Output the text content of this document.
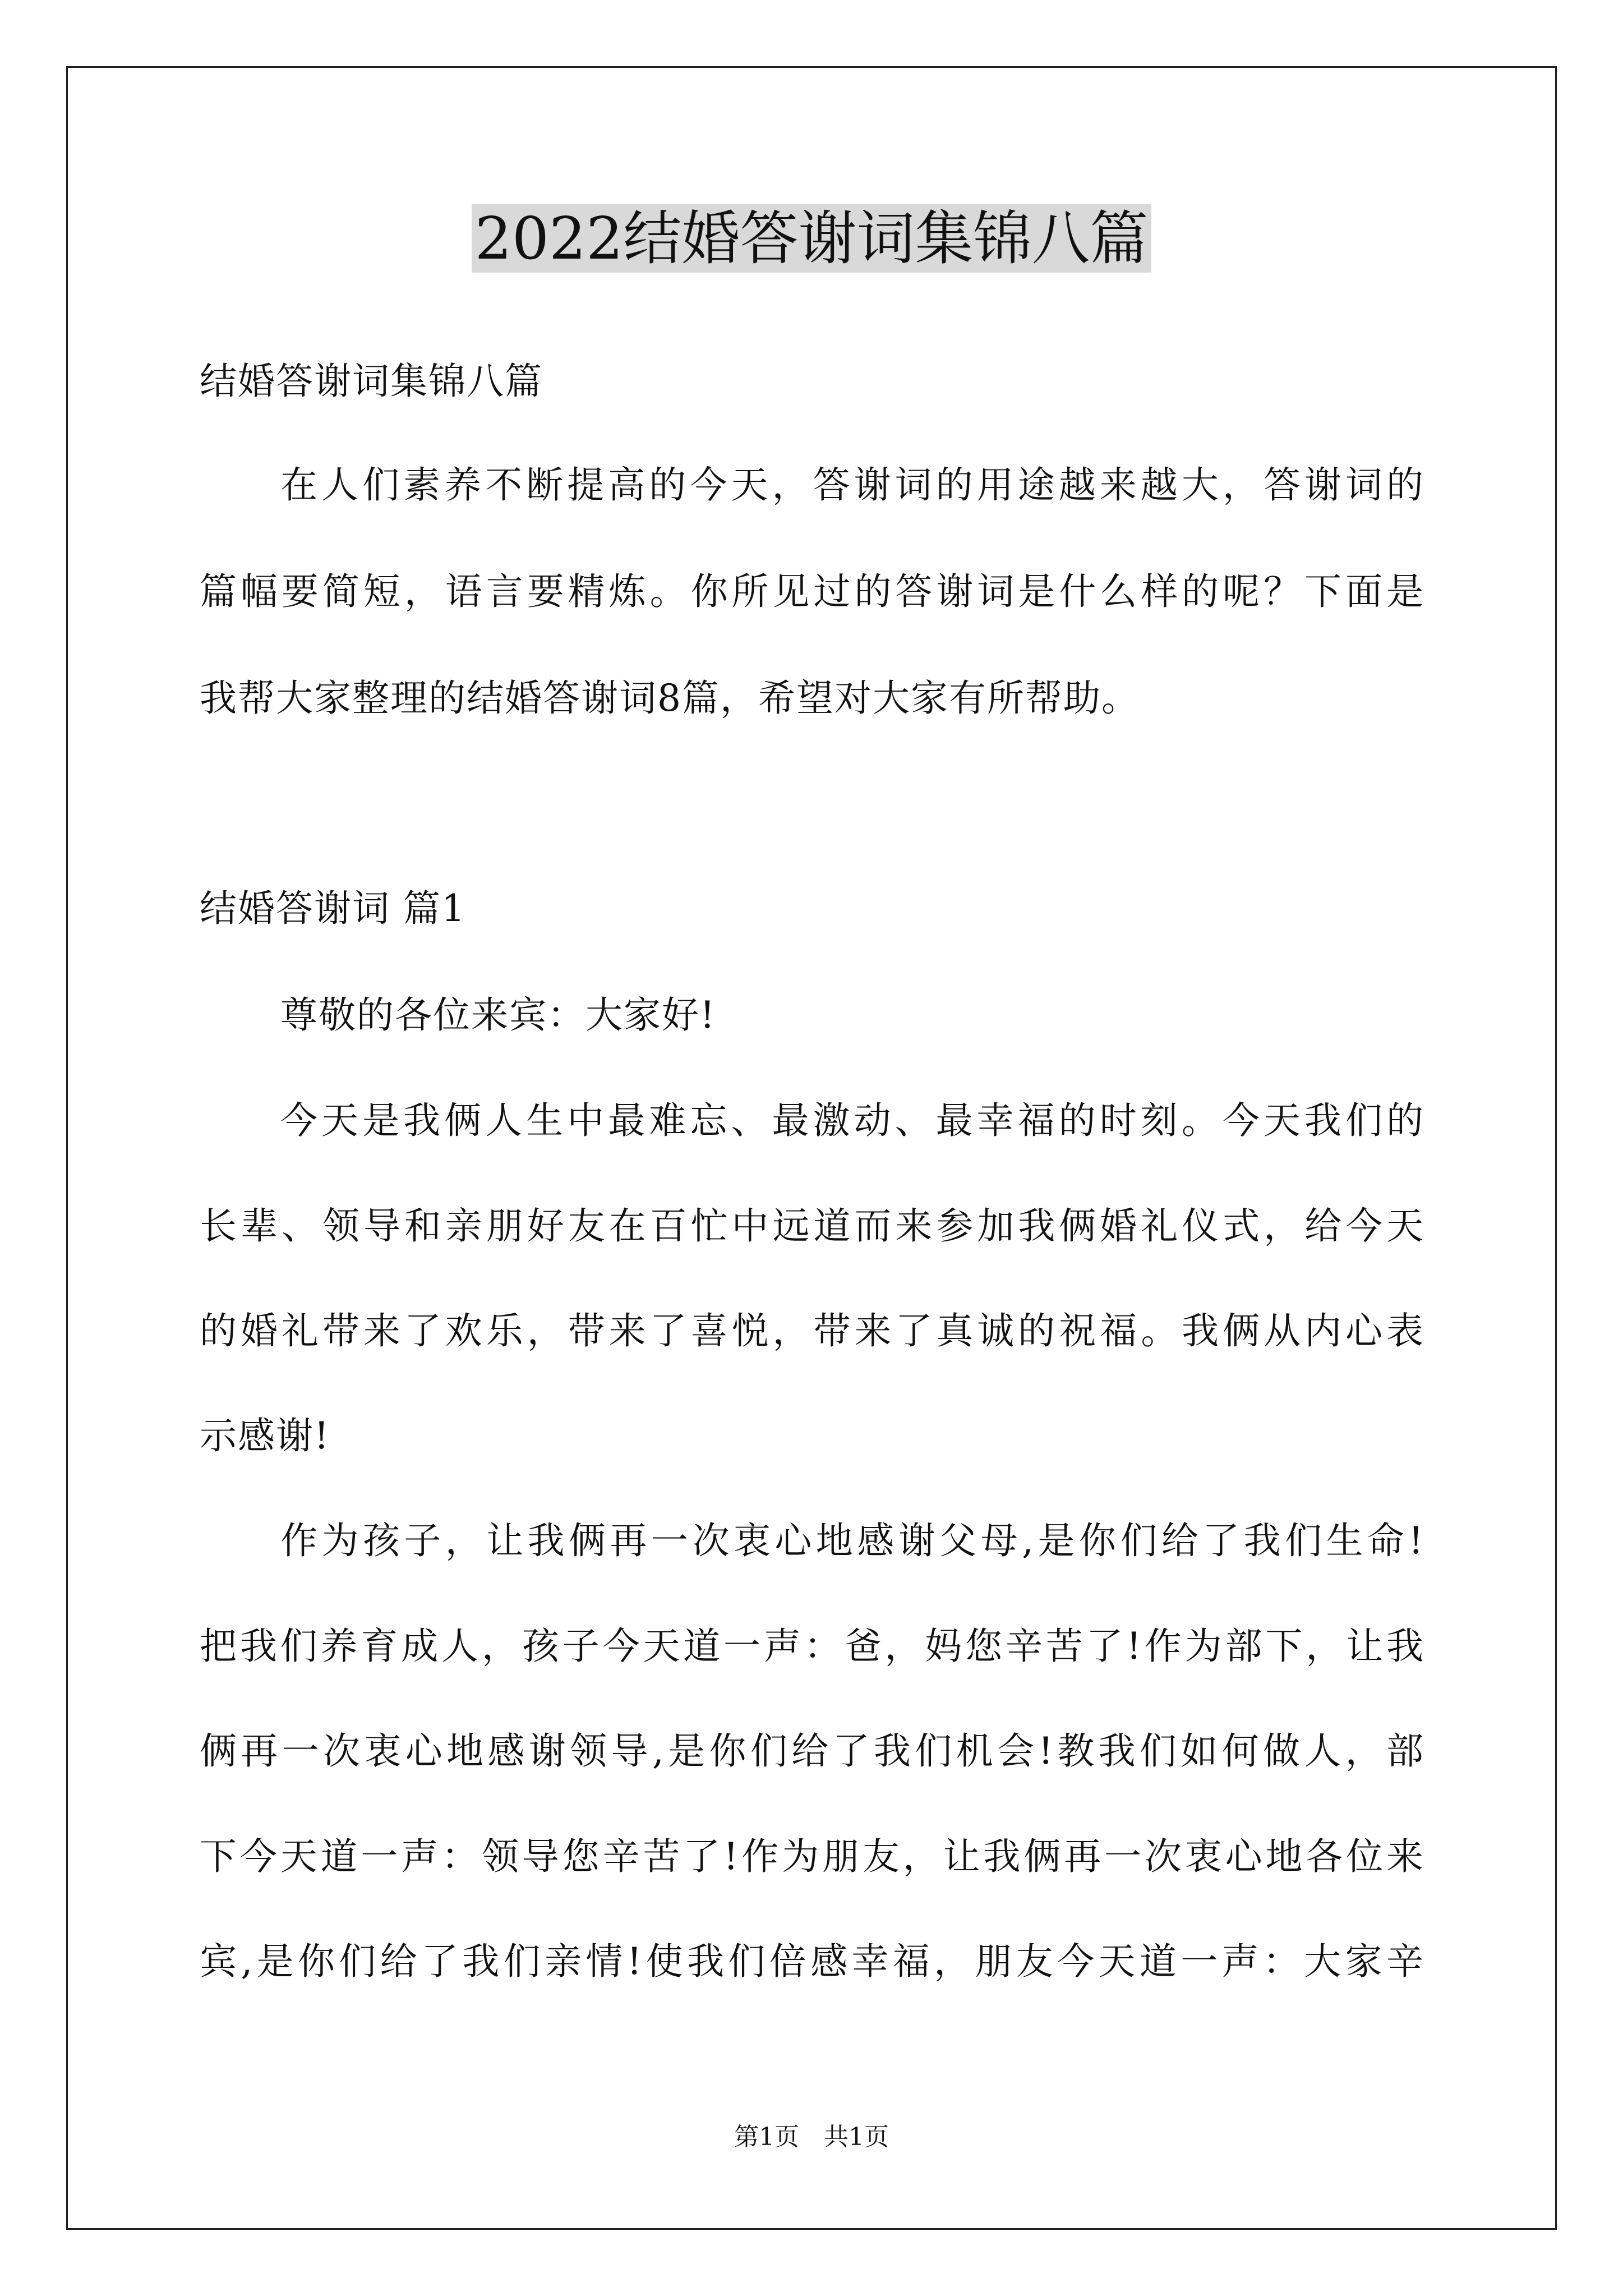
2022结婚答谢词集锦八篇
结婚答谢词集锦八篇
在人们素养不断提高的今天，答谢词的用途越来越大，答谢词的
篇幅要简短，语言要精炼。你所见过的答谢词是什么样的呢？下面是
我帮大家整理的结婚答谢词8篇，希望对大家有所帮助。
结婚答谢词 篇1
尊敬的各位来宾：大家好!
今天是我俩人生中最难忘、最激动、最幸福的时刻。今天我们的
长辈、领导和亲朋好友在百忙中远道而来参加我俩婚礼仪式，给今天
的婚礼带来了欢乐，带来了喜悦，带来了真诚的祝福。我俩从内心表
示感谢!
作为孩子，让我俩再一次衷心地感谢父母,是你们给了我们生命!
把我们养育成人，孩子今天道一声：爸，妈您辛苦了!作为部下，让我
俩再一次衷心地感谢领导,是你们给了我们机会!教我们如何做人，部
下今天道一声：领导您辛苦了!作为朋友，让我俩再一次衷心地各位来
宾,是你们给了我们亲情!使我们倍感幸福，朋友今天道一声：大家辛
第1页 共1页
